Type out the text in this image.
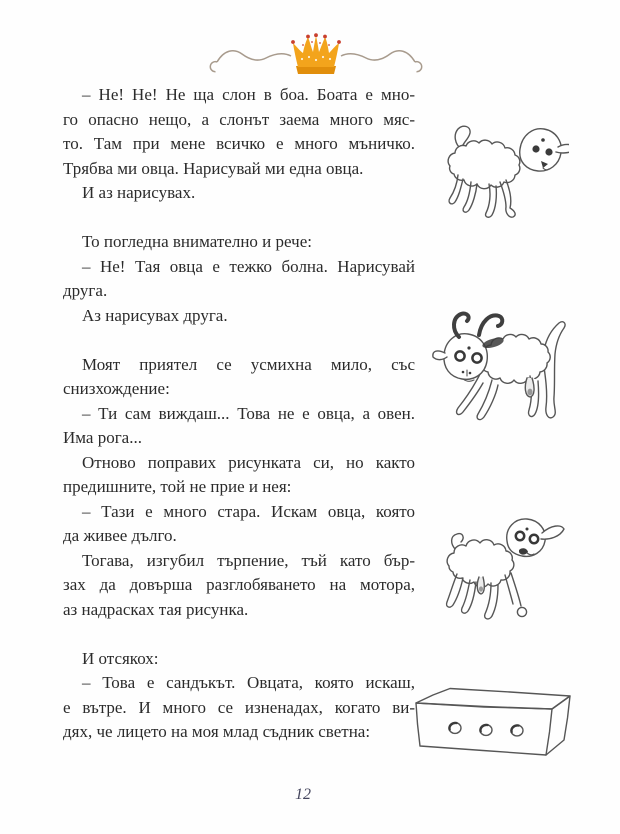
– Не! Не! Не ща слон в боа. Боата е мно-
го опасно нещо, а слонът заема много мяс-
то. Там при мене всичко е много мъничко.
Трябва ми овца. Нарисувай ми една овца.

И аз нарисувах.

То погледна внимателно и рече:

– Не! Тая овца е тежко болна. Нарисувай
друга.

Аз нарисувах друга.

Моят приятел се усмихна мило, със
снизхождение:

– Ти сам виждаш... Това не е овца, а овен.
Има рога...

Отново поправих рисунката си, но както
предишните, той не прие и нея:

– Тази е много стара. Искам овца, която
да живее дълго.

Тогава, изгубил търпение, тъй като бър-
зах да довърша разглобяването на мотора,
аз надрасках тая рисунка.

И отсякох:

– Това е сандъкът. Овцата, която искаш,
е вътре. И много се изненадах, когато ви-
дях, че лицето на моя млад съдник светна:

12
